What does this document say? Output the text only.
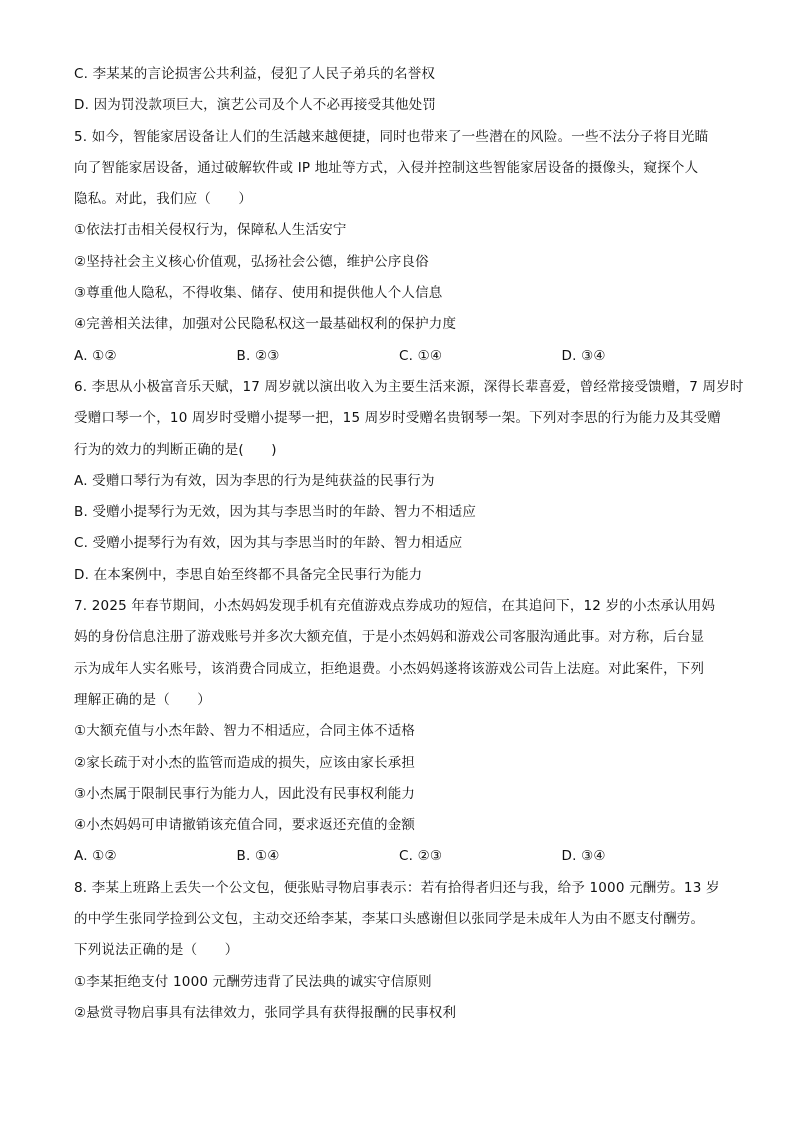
C. 李某某的言论损害公共利益，侵犯了人民子弟兵的名誉权
D. 因为罚没款项巨大，演艺公司及个人不必再接受其他处罚
5. 如今，智能家居设备让人们的生活越来越便捷，同时也带来了一些潜在的风险。一些不法分子将目光瞄
向了智能家居设备，通过破解软件或 IP 地址等方式，入侵并控制这些智能家居设备的摄像头，窥探个人
隐私。对此，我们应（　　）
①依法打击相关侵权行为，保障私人生活安宁
②坚持社会主义核心价值观，弘扬社会公德，维护公序良俗
③尊重他人隐私，不得收集、储存、使用和提供他人个人信息
④完善相关法律，加强对公民隐私权这一最基础权利的保护力度
A. ①②	B. ②③	C. ①④	D. ③④
6. 李思从小极富音乐天赋，17 周岁就以演出收入为主要生活来源，深得长辈喜爱，曾经常接受馈赠，7 周岁时
受赠口琴一个，10 周岁时受赠小提琴一把，15 周岁时受赠名贵钢琴一架。下列对李思的行为能力及其受赠
行为的效力的判断正确的是(　　)
A. 受赠口琴行为有效，因为李思的行为是纯获益的民事行为
B. 受赠小提琴行为无效，因为其与李思当时的年龄、智力不相适应
C. 受赠小提琴行为有效，因为其与李思当时的年龄、智力相适应
D. 在本案例中，李思自始至终都不具备完全民事行为能力
7. 2025 年春节期间，小杰妈妈发现手机有充值游戏点券成功的短信，在其追问下，12 岁的小杰承认用妈
妈的身份信息注册了游戏账号并多次大额充值，于是小杰妈妈和游戏公司客服沟通此事。对方称，后台显
示为成年人实名账号，该消费合同成立，拒绝退费。小杰妈妈遂将该游戏公司告上法庭。对此案件，下列
理解正确的是（　　）
①大额充值与小杰年龄、智力不相适应，合同主体不适格
②家长疏于对小杰的监管而造成的损失，应该由家长承担
③小杰属于限制民事行为能力人，因此没有民事权利能力
④小杰妈妈可申请撤销该充值合同，要求返还充值的金额
A. ①②	B. ①④	C. ②③	D. ③④
8. 李某上班路上丢失一个公文包，便张贴寻物启事表示：若有拾得者归还与我，给予 1000 元酬劳。13 岁
的中学生张同学捡到公文包，主动交还给李某，李某口头感谢但以张同学是未成年人为由不愿支付酬劳。
下列说法正确的是（　　）
①李某拒绝支付 1000 元酬劳违背了民法典的诚实守信原则
②悬赏寻物启事具有法律效力，张同学具有获得报酬的民事权利
